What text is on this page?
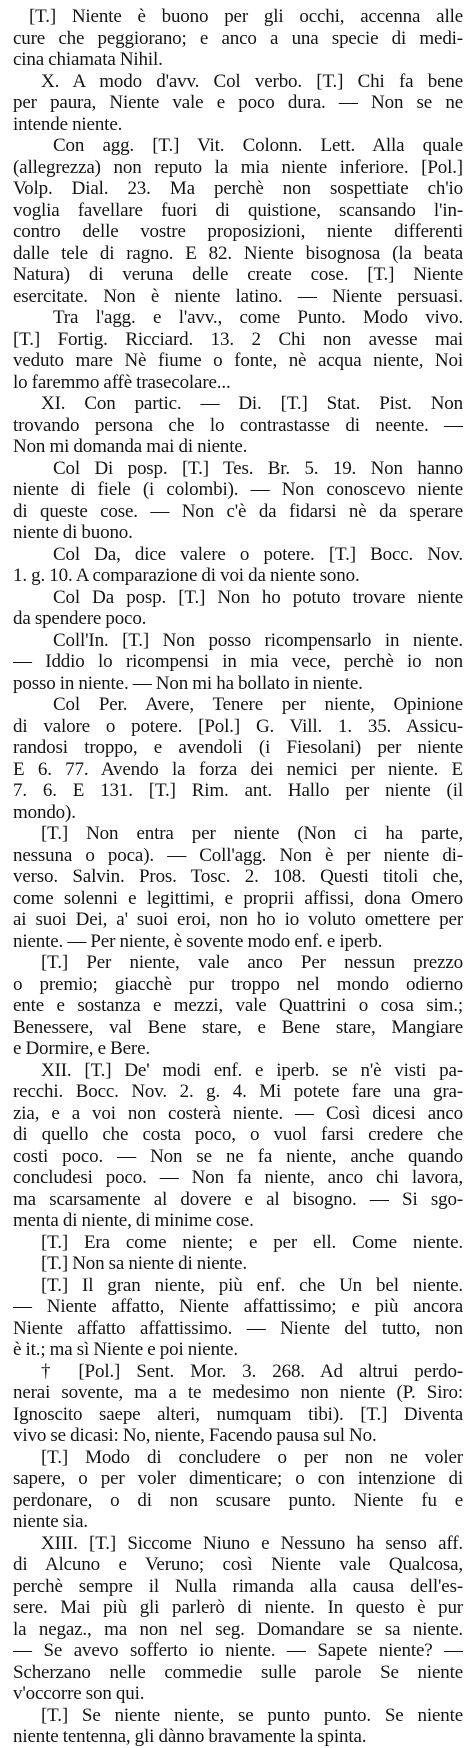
[T.] Niente è buono per gli occhi, accenna alle
cure che peggiorano; e anco a una specie di medi-
cina chiamata Nihil.
X. A modo d'avv. Col verbo. [T.] Chi fa bene
per paura, Niente vale e poco dura. — Non se ne
intende niente.
Con agg. [T.] Vit. Colonn. Lett. Alla quale
(allegrezza) non reputo la mia niente inferiore. [Pol.]
Volp. Dial. 23. Ma perchè non sospettiate ch'io
voglia favellare fuori di quistione, scansando l'in-
contro delle vostre proposizioni, niente differenti
dalle tele di ragno. E 82. Niente bisognosa (la beata
Natura) di veruna delle create cose. [T.] Niente
esercitate. Non è niente latino. — Niente persuasi.
Tra l'agg. e l'avv., come Punto. Modo vivo.
[T.] Fortig. Ricciard. 13. 2 Chi non avesse mai
veduto mare Nè fiume o fonte, nè acqua niente, Noi
lo faremmo affè trasecolare...
XI. Con partic. — Di. [T.] Stat. Pist. Non
trovando persona che lo contrastasse di neente. —
Non mi domanda mai di niente.
Col Di posp. [T.] Tes. Br. 5. 19. Non hanno
niente di fiele (i colombi). — Non conoscevo niente
di queste cose. — Non c'è da fidarsi nè da sperare
niente di buono.
Col Da, dice valere o potere. [T.] Bocc. Nov.
1. g. 10. A comparazione di voi da niente sono.
Col Da posp. [T.] Non ho potuto trovare niente
da spendere poco.
Coll'In. [T.] Non posso ricompensarlo in niente.
— Iddio lo ricompensi in mia vece, perchè io non
posso in niente. — Non mi ha bollato in niente.
Col Per. Avere, Tenere per niente, Opinione
di valore o potere. [Pol.] G. Vill. 1. 35. Assicu-
randosi troppo, e avendoli (i Fiesolani) per niente
E 6. 77. Avendo la forza dei nemici per niente. E
7. 6. E 131. [T.] Rim. ant. Hallo per niente (il
mondo).
[T.] Non entra per niente (Non ci ha parte,
nessuna o poca). — Coll'agg. Non è per niente di-
verso. Salvin. Pros. Tosc. 2. 108. Questi titoli che,
come solenni e legittimi, e proprii affissi, dona Omero
ai suoi Dei, a' suoi eroi, non ho io voluto omettere per
niente. — Per niente, è sovente modo enf. e iperb.
[T.] Per niente, vale anco Per nessun prezzo
o premio; giacchè pur troppo nel mondo odierno
ente e sostanza e mezzi, vale Quattrini o cosa sim.;
Benessere, val Bene stare, e Bene stare, Mangiare
e Dormire, e Bere.
XII. [T.] De' modi enf. e iperb. se n'è visti pa-
recchi. Bocc. Nov. 2. g. 4. Mi potete fare una gra-
zia, e a voi non costerà niente. — Così dicesi anco
di quello che costa poco, o vuol farsi credere che
costi poco. — Non se ne fa niente, anche quando
concludesi poco. — Non fa niente, anco chi lavora,
ma scarsamente al dovere e al bisogno. — Si sgo-
menta di niente, di minime cose.
[T.] Era come niente; e per ell. Come niente.
[T.] Non sa niente di niente.
[T.] Il gran niente, più enf. che Un bel niente.
— Niente affatto, Niente affattissimo; e più ancora
Niente affatto affattissimo. — Niente del tutto, non
è it.; ma sì Niente e poi niente.
† [Pol.] Sent. Mor. 3. 268. Ad altrui perdo-
nerai sovente, ma a te medesimo non niente (P. Siro:
Ignoscito saepe alteri, numquam tibi). [T.] Diventa
vivo se dicasi: No, niente, Facendo pausa sul No.
[T.] Modo di concludere o per non ne voler
sapere, o per voler dimenticare; o con intenzione di
perdonare, o di non scusare punto. Niente fu e
niente sia.
XIII. [T.] Siccome Niuno e Nessuno ha senso aff.
di Alcuno e Veruno; così Niente vale Qualcosa,
perchè sempre il Nulla rimanda alla causa dell'es-
sere. Mai più gli parlerò di niente. In questo è pur
la negaz., ma non nel seg. Domandare se sa niente.
— Se avevo sofferto io niente. — Sapete niente? —
Scherzano nelle commedie sulle parole Se niente
v'occorre son qui.
[T.] Se niente niente, se punto punto. Se niente
niente tentenna, gli dànno bravamente la spinta.
